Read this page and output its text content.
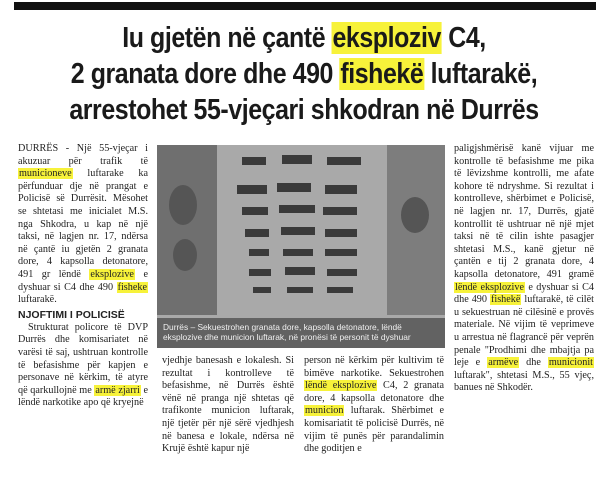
Iu gjetën në çantë eksploziv C4,
2 granata dore dhe 490 fishekë luftarakë,
arrestohet 55-vjeçari shkodran në Durrës

DURRËS - Një 55-vjeçar i akuzuar për trafik të municioneve luftarake ka përfunduar dje në prangat e Policisë së Durrësit. Mësohet se shtetasi me inicialet M.S. nga Shkodra, u kap në një taksi, në lagjen nr. 17, ndërsa në çantë iu gjetën 2 granata dore, 4 kapsolla detonatore, 491 gr lëndë eksplozive e dyshuar si C4 dhe 490 fisheke luftarakë.

NJOFTIMI I POLICISË

Strukturat policore të DVP Durrës dhe komisariatet në varësi të saj, ushtruan kontrolle të befasishme për kapjen e personave në kërkim, të atyre që qarkullojnë me armë zjarri e lëndë narkotike apo që kryejnë

Durrës – Sekuestrohen granata dore, kapsolla detonatore, lëndë eksplozive dhe municion luftarak, në pronësi të personit të dyshuar

vjedhje banesash e lokalesh. Si rezultat i kontrolleve të befasishme, në Durrës është vënë në pranga një shtetas që trafikonte municion luftarak, një tjetër për një sërë vjedhjesh në banesa e lokale, ndërsa në Krujë është kapur një

person në kërkim për kultivim të bimëve narkotike. Sekuestrohen lëndë eksplozive C4, 2 granata dore, 4 kapsolla detonatore dhe municion luftarak. Shërbimet e komisariatit të policisë Durrës, në vijim të punës për parandalimin dhe goditjen e

paligjshmërisë kanë vijuar me kontrolle të befasishme me pika të lëvizshme kontrolli, me afate kohore të ndryshme. Si rezultat i kontrolleve, shërbimet e Policisë, në lagjen nr. 17, Durrës, gjatë kontrollit të ushtruar në një mjet taksi në të cilin ishte pasagjer shtetasi M.S., kanë gjetur në çantën e tij 2 granata dore, 4 kapsolla detonatore, 491 gramë lëndë eksplozive e dyshuar si C4 dhe 490 fishekë luftarakë, të cilët u sekuestruan në cilësinë e provës materiale. Në vijim të veprimeve u arrestua në flagrancë për veprën penale "Prodhimi dhe mbajtja pa leje e armëve dhe municionit luftarak", shtetasi M.S., 55 vjeç, banues në Shkodër.
